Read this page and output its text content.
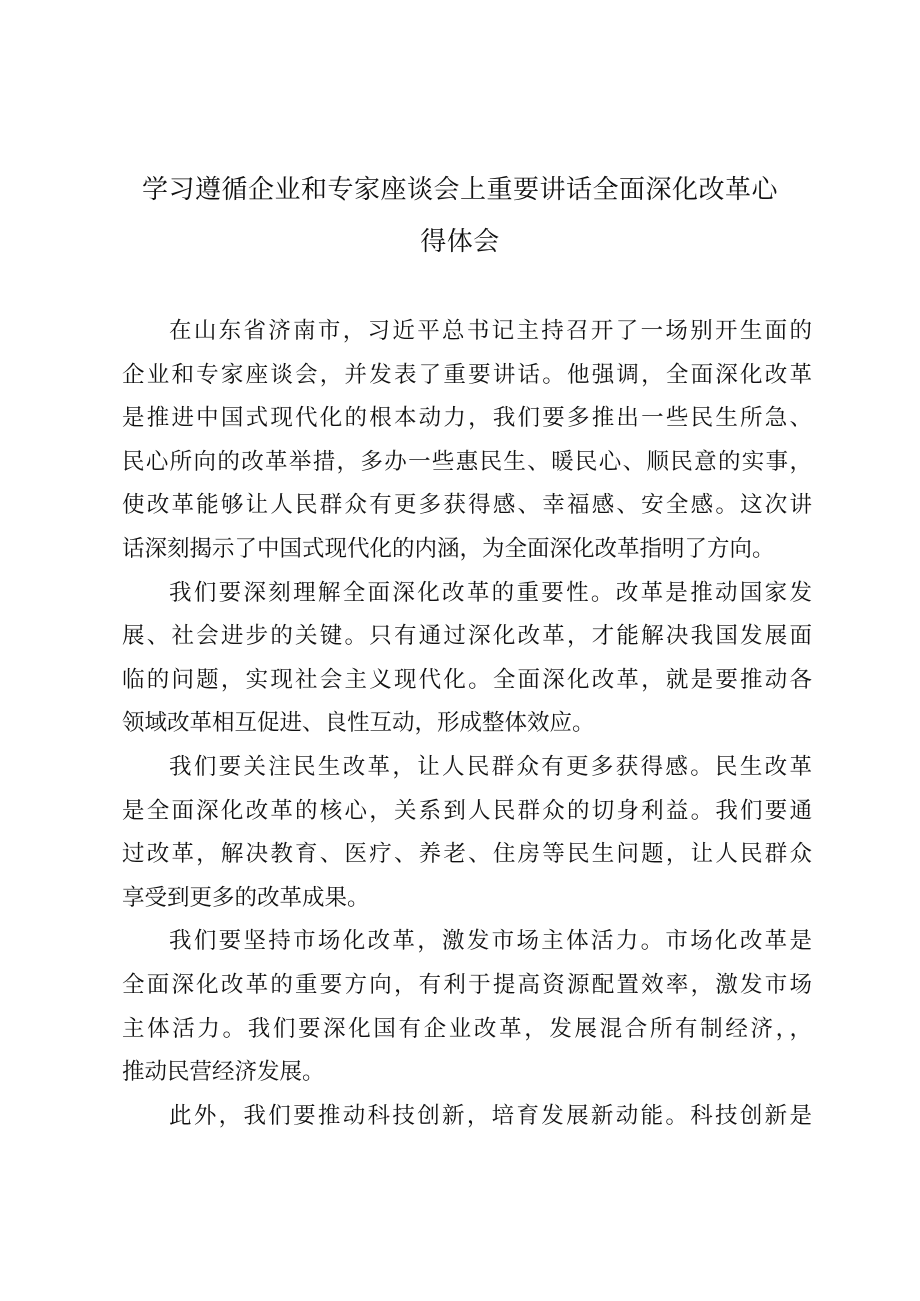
学习遵循企业和专家座谈会上重要讲话全面深化改革心
得体会
在山东省济南市，习近平总书记主持召开了一场别开生面的
企业和专家座谈会，并发表了重要讲话。他强调，全面深化改革
是推进中国式现代化的根本动力，我们要多推出一些民生所急、
民心所向的改革举措，多办一些惠民生、暖民心、顺民意的实事，
使改革能够让人民群众有更多获得感、幸福感、安全感。这次讲
话深刻揭示了中国式现代化的内涵，为全面深化改革指明了方向。
我们要深刻理解全面深化改革的重要性。改革是推动国家发
展、社会进步的关键。只有通过深化改革，才能解决我国发展面
临的问题，实现社会主义现代化。全面深化改革，就是要推动各
领域改革相互促进、良性互动，形成整体效应。
我们要关注民生改革，让人民群众有更多获得感。民生改革
是全面深化改革的核心，关系到人民群众的切身利益。我们要通
过改革，解决教育、医疗、养老、住房等民生问题，让人民群众
享受到更多的改革成果。
我们要坚持市场化改革，激发市场主体活力。市场化改革是
全面深化改革的重要方向，有利于提高资源配置效率，激发市场
主体活力。我们要深化国有企业改革，发展混合所有制经济，，
推动民营经济发展。
此外，我们要推动科技创新，培育发展新动能。科技创新是
